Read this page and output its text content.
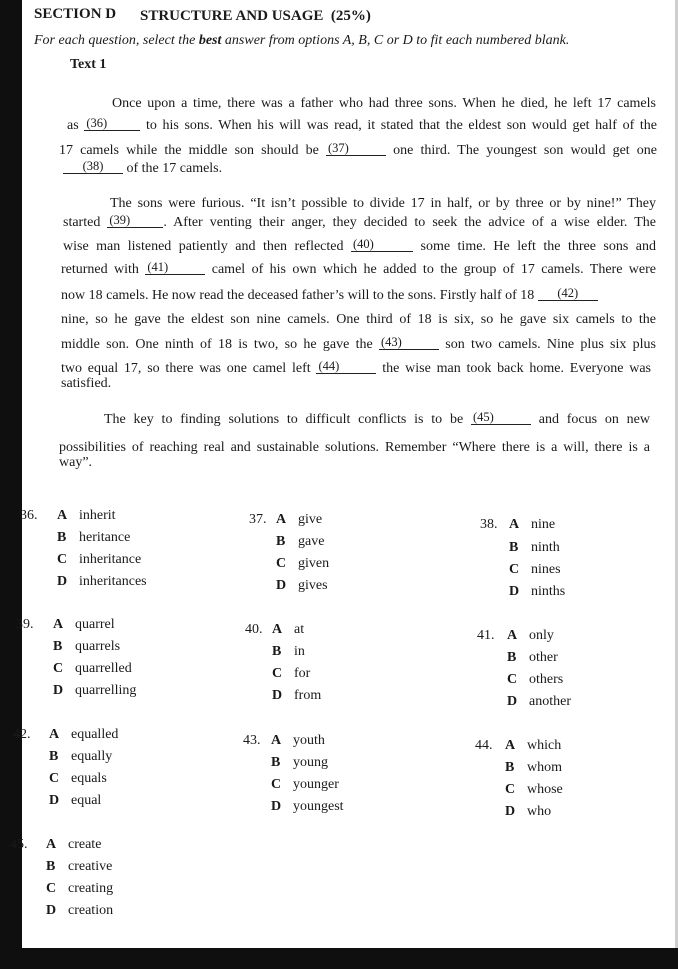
SECTION D STRUCTURE AND USAGE (25%)
For each question, select the best answer from options A, B, C or D to fit each numbered blank.
Text 1
Once upon a time, there was a father who had three sons. When he died, he left 17 camels
as (36)	to his sons. When his will was read, it stated that the eldest son would get half of the
17 camels while the middle son should be (37)	one third. The youngest son would get one
(38) of the 17 camels.
The sons were furious. “It isn’t possible to divide 17 in half, or by three or by nine!” They
started (39) . After venting their anger, they decided to seek the advice of a wise elder. The
wise man listened patiently and then reflected (40)	some time. He left the three sons and
returned with (41)	camel of his own which he added to the group of 17 camels. There were
now 18 camels. He now read the deceased father’s will to the sons. Firstly half of 18 (42)
nine, so he gave the eldest son nine camels. One third of 18 is six, so he gave six camels to the
middle son. One ninth of 18 is two, so he gave the (43)	son two camels. Nine plus six plus
two equal 17, so there was one camel left (44)	the wise man took back home. Everyone was
satisfied.
The key to finding solutions to difficult conflicts is to be (45)	and focus on new
possibilities of reaching real and sustainable solutions. Remember “Where there is a will, there is a
way”.
36. A inherit
B heritance
C inheritance
D inheritances
37. A give
B gave
C given
D gives
38. A nine
B ninth
C nines
D ninths
39. A quarrel
B quarrels
C quarrelled
D quarrelling
40. A at
B in
C for
D from
41. A only
B other
C others
D another
42. A equalled
B equally
C equals
D equal
43. A youth
B young
C younger
D youngest
44. A which
B whom
C whose
D who
45. A create
B creative
C creating
D creation
